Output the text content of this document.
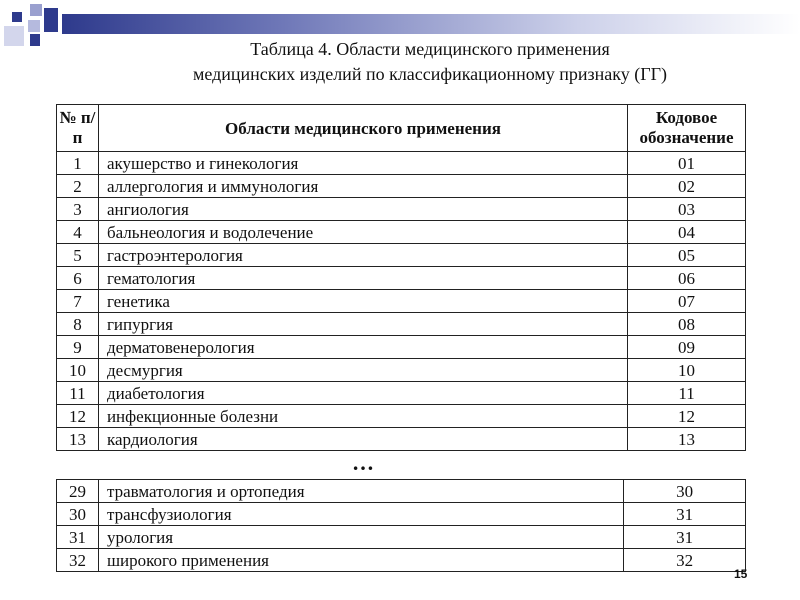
Таблица 4. Области медицинского применения
медицинских изделий по классификационному признаку (ГГ)
№ п/п	Области медицинского применения	Кодовое обозначение
1	акушерство и гинекология	01
2	аллергология и иммунология	02
3	ангиология	03
4	бальнеология и водолечение	04
5	гастроэнтерология	05
6	гематология	06
7	генетика	07
8	гипургия	08
9	дерматовенерология	09
10	десмургия	10
11	диабетология	11
12	инфекционные болезни	12
13	кардиология	13
…
29	травматология и ортопедия	30
30	трансфузиология	31
31	урология	31
32	широкого применения	32
15
